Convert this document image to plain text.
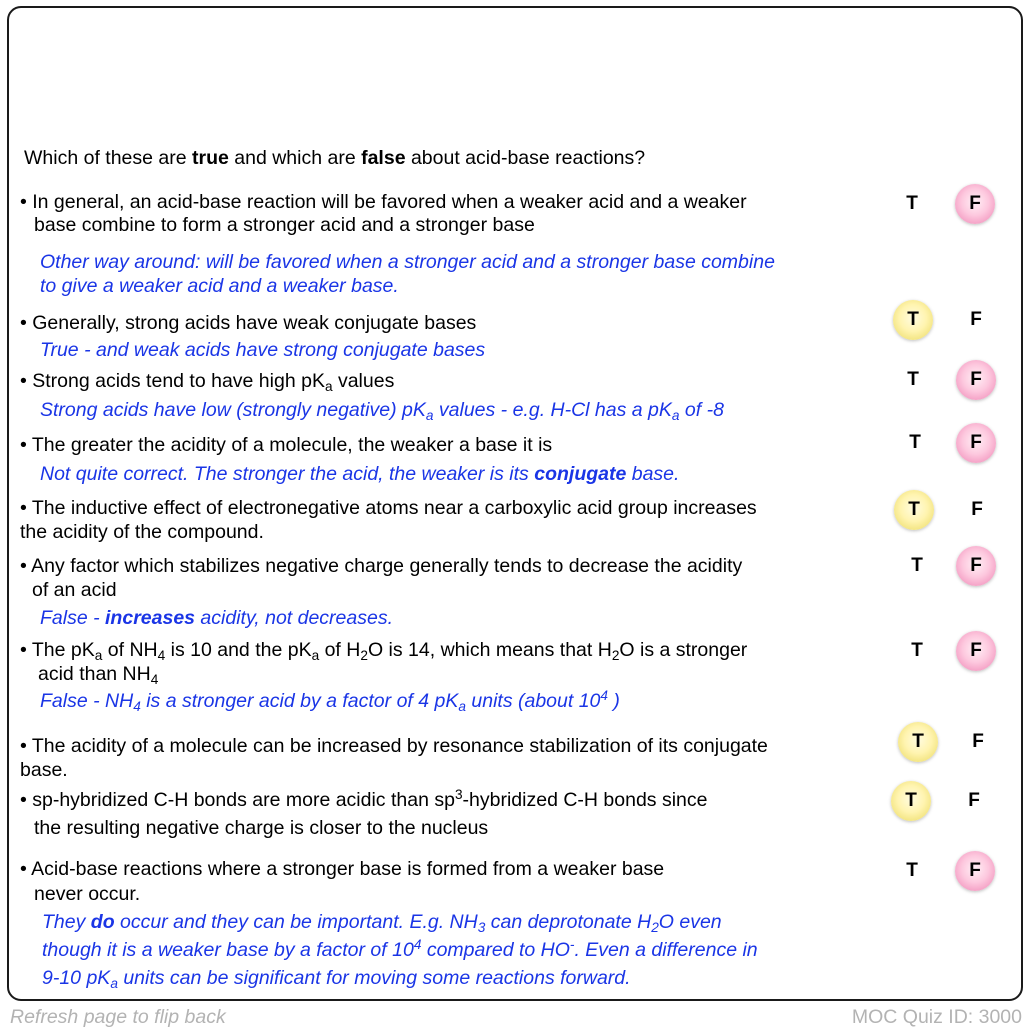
Which of these are true and which are false about acid-base reactions?
• In general, an acid-base reaction will be favored when a weaker acid and a weaker
base combine to form a stronger acid and a stronger base
Other way around: will be favored when a stronger acid and a stronger base combine
to give a weaker acid and a weaker base.
T	F
• Generally, strong acids have weak conjugate bases
True - and weak acids have strong conjugate bases
T	F
• Strong acids tend to have high $pK_a$ values
Strong acids have low (strongly negative) $pK_a$ values - e.g. H-Cl has a $pK_a$ of -8
T	F
• The greater the acidity of a molecule, the weaker a base it is
Not quite correct. The stronger the acid, the weaker is its conjugate base.
T	F
• The inductive effect of electronegative atoms near a carboxylic acid group increases
the acidity of the compound.
T	F
• Any factor which stabilizes negative charge generally tends to decrease the acidity
of an acid
False - increases acidity, not decreases.
T	F
• The $pK_a$ of $NH_4$ is 10 and the $pK_a$ of $H_2O$ is 14, which means that $H_2O$ is a stronger
acid than $NH_4$
False - $NH_4$ is a stronger acid by a factor of 4 $pK_a$ units (about $10^4$ )
T	F
• The acidity of a molecule can be increased by resonance stabilization of its conjugate
base.
T	F
• sp-hybridized C-H bonds are more acidic than $sp^3$-hybridized C-H bonds since
the resulting negative charge is closer to the nucleus
T	F
• Acid-base reactions where a stronger base is formed from a weaker base
never occur.
They do occur and they can be important. E.g. $NH_3$ can deprotonate $H_2O$ even
though it is a weaker base by a factor of $10^4$ compared to HO-. Even a difference in
9-10 $pK_a$ units can be significant for moving some reactions forward.
T	F
Refresh page to flip back	MOC Quiz ID: 3000
